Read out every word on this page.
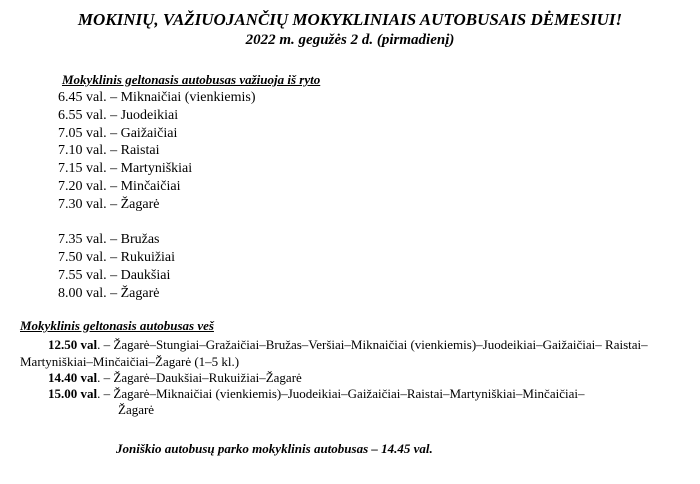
MOKINIŲ, VAŽIUOJANČIŲ MOKYKLINIAIS AUTOBUSAIS DĖMESIUI!
2022 m. gegužės 2 d. (pirmadienį)
Mokyklinis geltonasis autobusas važiuoja iš ryto
6.45 val. – Miknaičiai (vienkiemis)
6.55 val. – Juodeikiai
7.05 val. – Gaižaičiai
7.10 val. – Raistai
7.15 val. – Martyniškiai
7.20 val. – Minčaičiai
7.30 val. – Žagarė
7.35 val. – Bružas
7.50 val. – Rukuižiai
7.55 val. – Daukšiai
8.00 val. – Žagarė
Mokyklinis geltonasis autobusas veš
12.50 val. – Žagarė–Stungiai–Gražaičiai–Bružas–Veršiai–Miknaičiai (vienkiemis)–Juodeikiai–Gaižaičiai– Raistai–
Martyniškiai–Minčaičiai–Žagarė (1–5 kl.)
14.40 val. – Žagarė–Daukšiai–Rukuižiai–Žagarė
15.00 val. – Žagarė–Miknaičiai (vienkiemis)–Juodeikiai–Gaižaičiai–Raistai–Martyniškiai–Minčaičiai–
Žagarė
Joniškio autobusų parko mokyklinis autobusas – 14.45 val.
